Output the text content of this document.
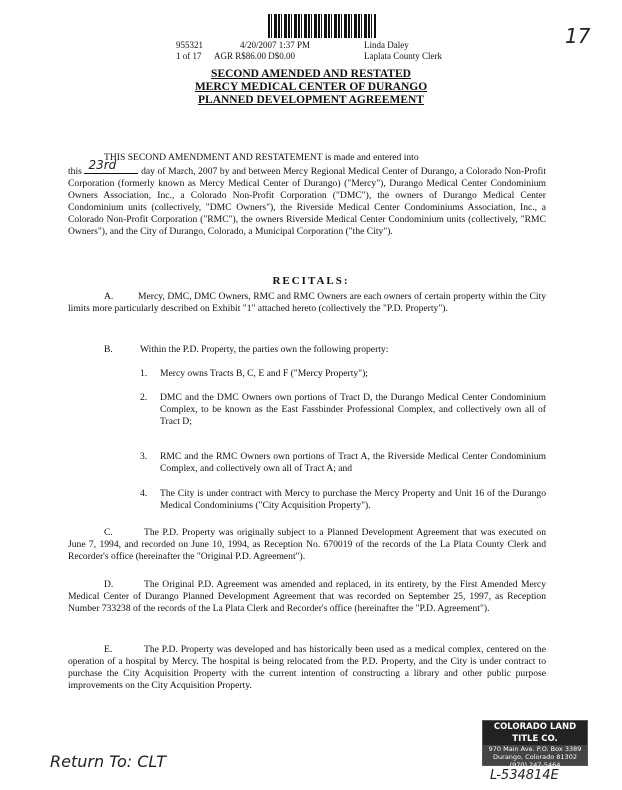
17
955321
1 of 17
4/20/2007 1:37 PM
AGR R$86.00 D$0.00
Linda Daley
Laplata County Clerk
SECOND AMENDED AND RESTATED
MERCY MEDICAL CENTER OF DURANGO
PLANNED DEVELOPMENT AGREEMENT
THIS SECOND AMENDMENT AND RESTATEMENT is made and entered into
this 23rd	day of March, 2007 by and between Mercy Regional Medical Center of Durango, a Colorado Non-Profit Corporation (formerly known as Mercy Medical Center of Durango) ("Mercy"), Durango Medical Center Condominium Owners Association, Inc., a Colorado Non-Profit Corporation ("DMC"), the owners of Durango Medical Center Condominium units (collectively, "DMC Owners"), the Riverside Medical Center Condominiums Association, Inc., a Colorado Non-Profit Corporation ("RMC"), the owners Riverside Medical Center Condominium units (collectively, "RMC Owners"), and the City of Durango, Colorado, a Municipal Corporation ("the City").
RECITALS:
A.	Mercy, DMC, DMC Owners, RMC and RMC Owners are each owners of certain property within the City limits more particularly described on Exhibit "1" attached hereto (collectively the "P.D. Property").
B.	Within the P.D. Property, the parties own the following property:
1. Mercy owns Tracts B, C, E and F ("Mercy Property");
2. DMC and the DMC Owners own portions of Tract D, the Durango Medical Center Condominium Complex, to be known as the East Fassbinder Professional Complex, and collectively own all of Tract D;
3. RMC and the RMC Owners own portions of Tract A, the Riverside Medical Center Condominium Complex, and collectively own all of Tract A; and
4. The City is under contract with Mercy to purchase the Mercy Property and Unit 16 of the Durango Medical Condominiums ("City Acquisition Property").
C.	The P.D. Property was originally subject to a Planned Development Agreement that was executed on June 7, 1994, and recorded on June 10, 1994, as Reception No. 670019 of the records of the La Plata County Clerk and Recorder's office (hereinafter the "Original P.D. Agreement").
D.	The Original P.D. Agreement was amended and replaced, in its entirety, by the First Amended Mercy Medical Center of Durango Planned Development Agreement that was recorded on September 25, 1997, as Reception Number 733238 of the records of the La Plata Clerk and Recorder's office (hereinafter the "P.D. Agreement").
E.	The P.D. Property was developed and has historically been used as a medical complex, centered on the operation of a hospital by Mercy. The hospital is being relocated from the P.D. Property, and the City is under contract to purchase the City Acquisition Property with the current intention of constructing a library and other public purpose improvements on the City Acquisition Property.
COLORADO LAND TITLE CO.
970 Main Ave. P.O. Box 3389
Durango, Colorado 81302
(970) 247-5464
L-534814E
Return To: CLT
